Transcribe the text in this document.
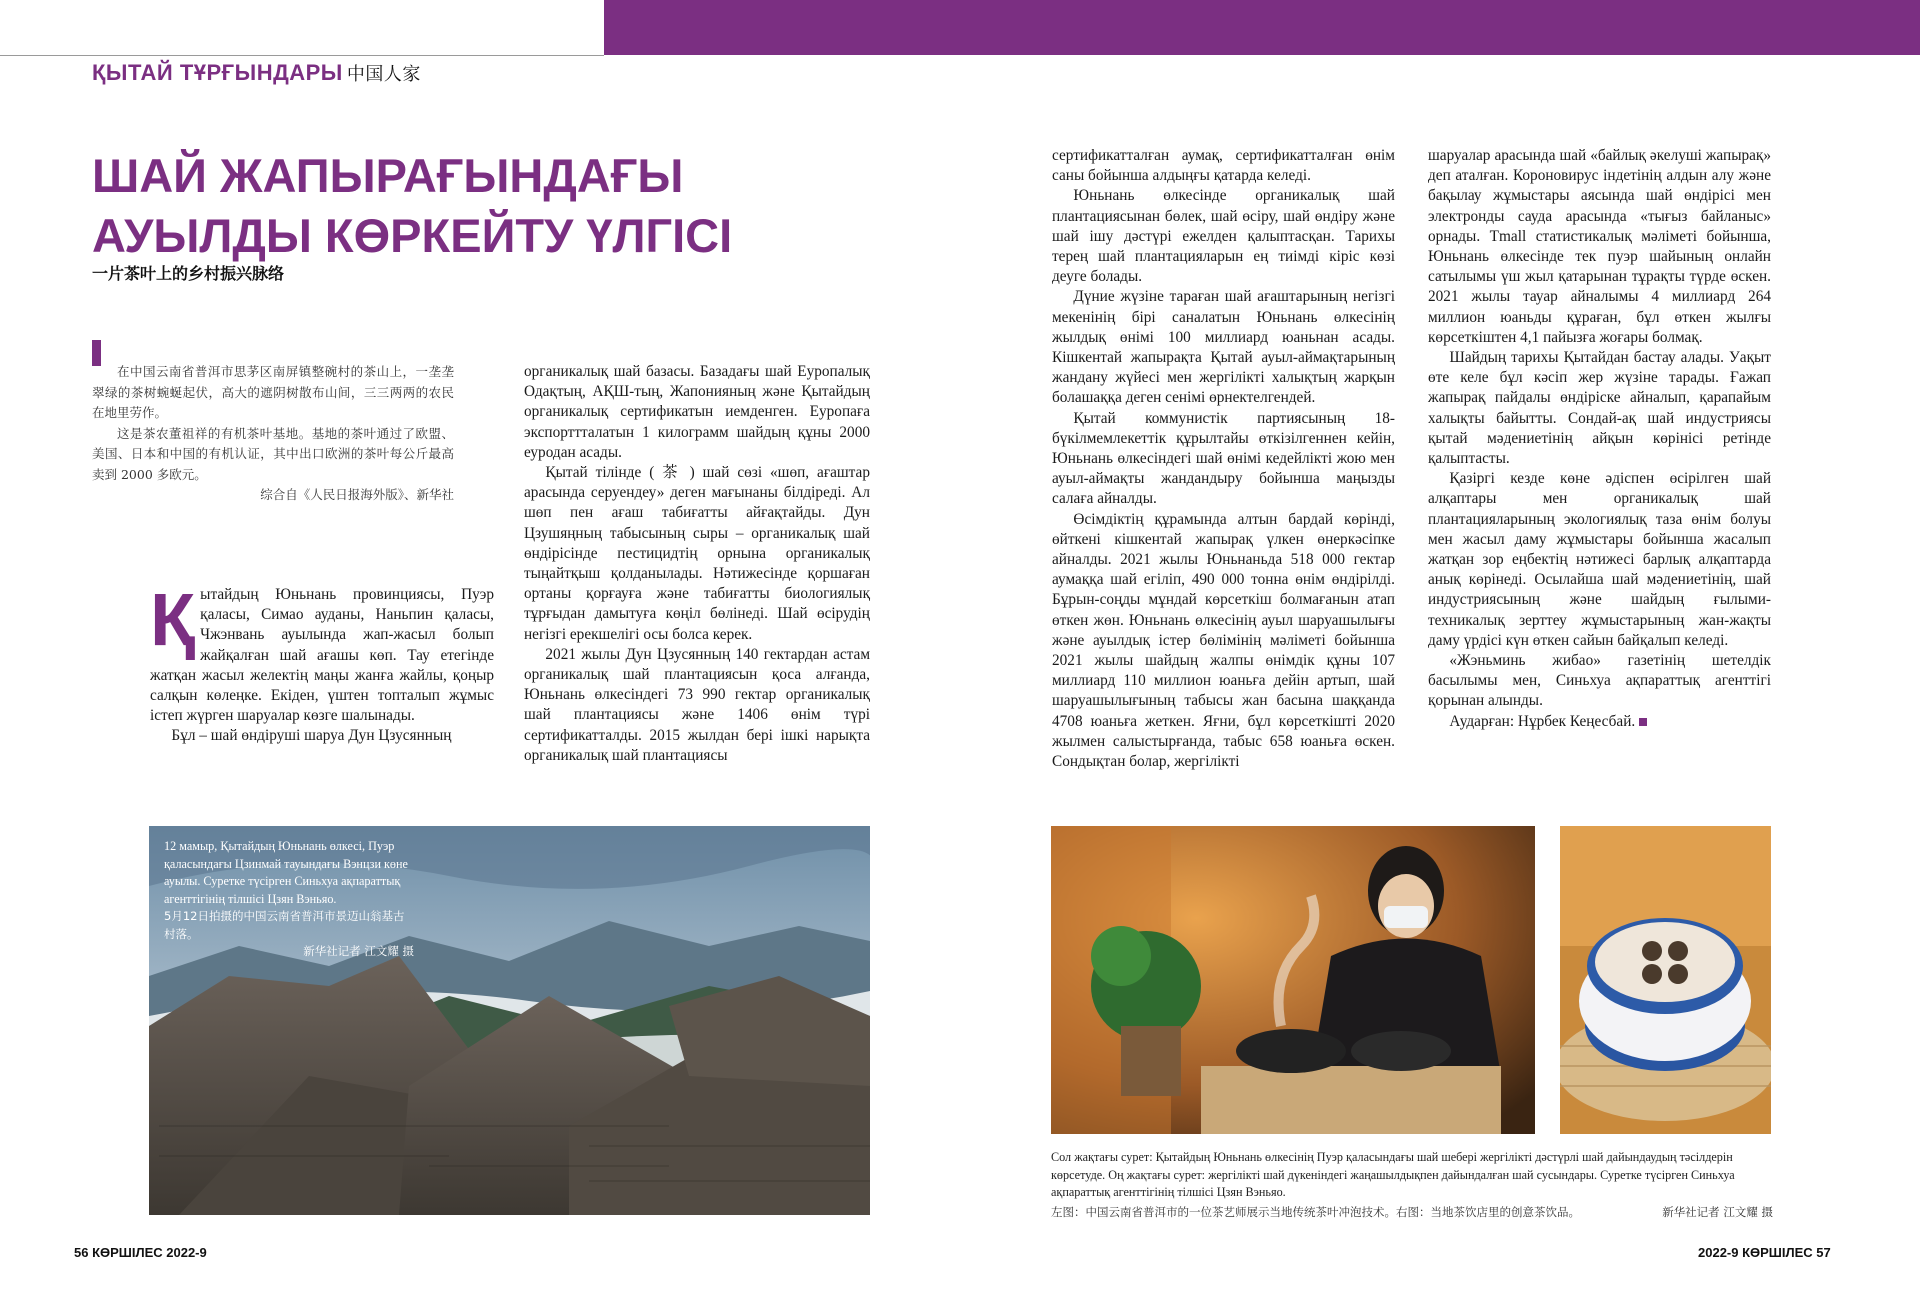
ҚЫТАЙ ТҰРҒЫНДАРЫ 中国人家
ШАЙ ЖАПЫРАҒЫНДАҒЫ АУЫЛДЫ КӨРКЕЙТУ ҮЛГІСІ
一片茶叶上的乡村振兴脉络

在中国云南省普洱市思茅区南屏镇整碗村的茶山上，一垄垄翠绿的茶树蜿蜒起伏，高大的遮阴树散布山间，三三两两的农民在地里劳作。

这是茶农董祖祥的有机茶叶基地。基地的茶叶通过了欧盟、美国、日本和中国的有机认证，其中出口欧洲的茶叶每公斤最高卖到 2000 多欧元。

综合自《人民日报海外版》、新华社

Қытайдың Юньнань провинциясы, Пуэр қаласы, Симао ауданы, Наньпин қаласы, Чжэнвань ауылында жап-жасыл болып жайқалған шай ағашы көп. Тау етегінде жатқан жасыл желектің маңы жанға жайлы, қоңыр салқын көлеңке. Екіден, үштен топталып жұмыс істеп жүрген шаруалар көзге шалынады.

Бұл – шай өндіруші шаруа Дун Цзусянның

органикалық шай базасы. Базадағы шай Еуропалық Одақтың, АҚШ-тың, Жапонияның және Қытайдың органикалық сертификатын иемденген. Еуропаға экспорттталатын 1 килограмм шайдың құны 2000 еуродан асады.

Қытай тілінде ( 茶 ) шай сөзі «шөп, ағаштар арасында серуендеу» деген мағынаны білдіреді. Ал шөп пен ағаш табиғатты айғақтайды. Дун Цзушяңның табысының сыры – органикалық шай өндірісінде пестицидтің орнына органикалық тыңайтқыш қолданылады. Нәтижесінде қоршаған ортаны қорғауға және табиғатты биологиялық тұрғыдан дамытуға көңіл бөлінеді. Шай өсірудің негізгі ерекшелігі осы болса керек.

2021 жылы Дун Цзусянның 140 гектардан астам органикалық шай плантациясын қоса алғанда, Юньнань өлкесіндегі 73 990 гектар органикалық шай плантациясы және 1406 өнім түрі сертификатталды. 2015 жылдан бері ішкі нарықта органикалық шай плантациясы

сертификатталған аумақ, сертификатталған өнім саны бойынша алдыңғы қатарда келеді.

Юньнань өлкесінде органикалық шай плантациясынан бөлек, шай өсіру, шай өндіру және шай ішу дәстүрі ежелден қалыптасқан. Тарихы терең шай плантацияларын ең тиімді кіріс көзі деуге болады.

Дүние жүзіне тараған шай ағаштарының негізгі мекенінің бірі саналатын Юньнань өлкесінің жылдық өнімі 100 миллиард юаньнан асады. Кішкентай жапырақта Қытай ауыл-аймақтарының жандану жүйесі мен жергілікті халықтың жарқын болашаққа деген сенімі өрнектелгендей.

Қытай коммунистік партиясының 18-бүкілмемлекеттік құрылтайы өткізілгеннен кейін, Юньнань өлкесіндегі шай өнімі кедейлікті жою мен ауыл-аймақты жандандыру бойынша маңызды салаға айналды.

Өсімдіктің құрамында алтын бардай көрінді, өйткені кішкентай жапырақ үлкен өнеркәсіпке айналды. 2021 жылы Юньнаньда 518 000 гектар аумаққа шай егіліп, 490 000 тонна өнім өндірілді. Бұрын-соңды мұндай көрсеткіш болмағанын атап өткен жөн. Юньнань өлкесінің ауыл шаруашылығы және ауылдық істер бөлімінің мәліметі бойынша 2021 жылы шайдың жалпы өнімдік құны 107 миллиард 110 миллион юаньға дейін артып, шай шаруашылығының табысы жан басына шаққанда 4708 юаньға жеткен. Яғни, бұл көрсеткішті 2020 жылмен салыстырғанда, табыс 658 юаньға өскен. Сондықтан болар, жергілікті

шаруалар арасында шай «байлық әкелуші жапырақ» деп аталған. Короновирус індетінің алдын алу және бақылау жұмыстары аясында шай өндірісі мен электронды сауда арасында «тығыз байланыс» орнады. Tmall статистикалық мәліметі бойынша, Юньнань өлкесінде тек пуэр шайының онлайн сатылымы үш жыл қатарынан тұрақты түрде өскен. 2021 жылы тауар айналымы 4 миллиард 264 миллион юаньды құраған, бұл өткен жылғы көрсеткіштен 4,1 пайызға жоғары болмақ.

Шайдың тарихы Қытайдан бастау алады. Уақыт өте келе бұл кәсіп жер жүзіне тарады. Ғажап жапырақ пайдалы өндіріске айналып, қарапайым халықты байытты. Сондай-ақ шай индустриясы қытай мәдениетінің айқын көрінісі ретінде қалыптасты.

Қазіргі кезде көне әдіспен өсірілген шай алқаптары мен органикалық шай плантацияларының экологиялық таза өнім болуы мен жасыл даму жұмыстары бойынша жасалып жатқан зор еңбектің нәтижесі барлық алқаптарда анық көрінеді. Осылайша шай мәдениетінің, шай индустриясының және шайдың ғылыми-техникалық зерттеу жұмыстарының жан-жақты даму үрдісі күн өткен сайын байқалып келеді.

«Жэньминь жибао» газетінің шетелдік басылымы мен, Синьхуа ақпараттық агенттігі қорынан алынды.

Аударған: Нұрбек Кеңесбай.

12 мамыр, Қытайдың Юньнань өлкесі, Пуэр қаласындағы Цзинмай тауындағы Вэнцзи көне ауылы. Суретке түсірген Синьхуа ақпараттық агенттігінің тілшісі Цзян Вэньяо.
5月12日拍摄的中国云南省普洱市景迈山翁基古村落。
新华社记者 江文耀 摄
Сол жақтағы сурет: Қытайдың Юньнань өлкесінің Пуэр қаласындағы шай шебері жергілікті дәстүрлі шай дайындаудың тәсілдерін көрсетуде. Оң жақтағы сурет: жергілікті шай дүкеніндегі жаңашылдықпен дайындалған шай сусындары. Суретке түсірген Синьхуа ақпараттық агенттігінің тілшісі Цзян Вэньяо.
左图：中国云南省普洱市的一位茶艺师展示当地传统茶叶冲泡技术。右图：当地茶饮店里的创意茶饮品。	新华社记者 江文耀 摄
56 КӨРШІЛЕС 2022-9	2022-9 КӨРШІЛЕС 57
